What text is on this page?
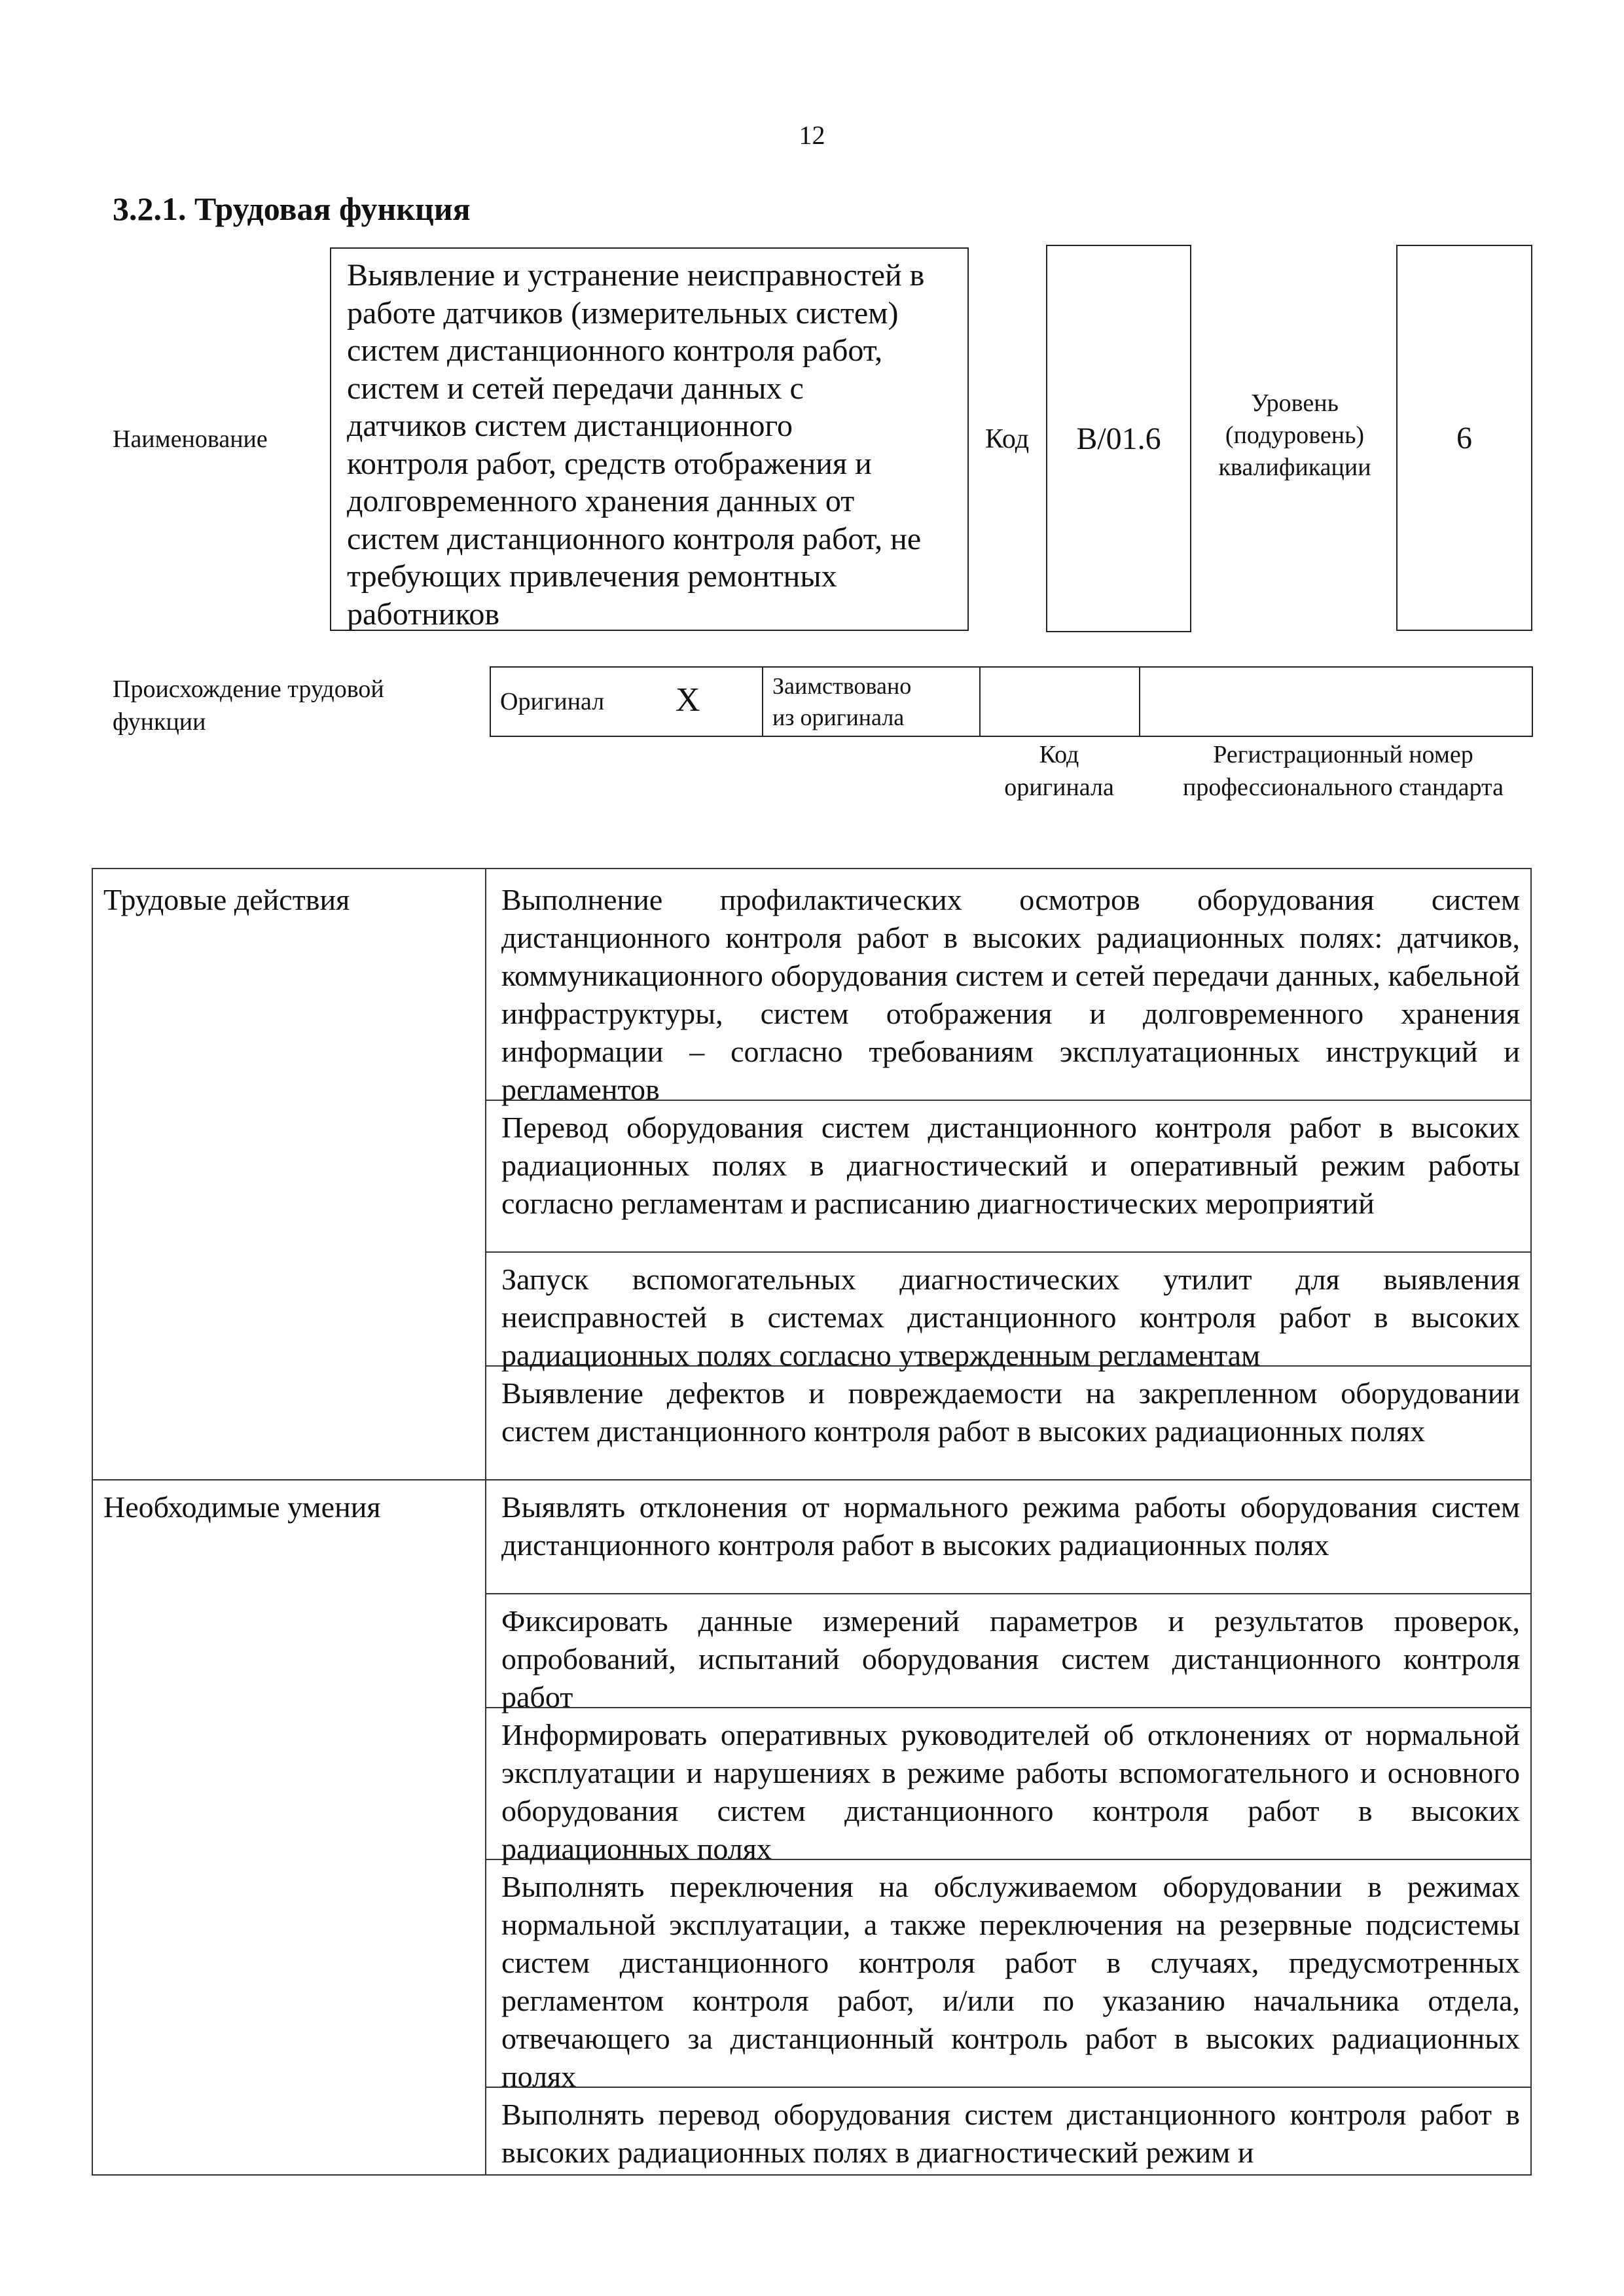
12
3.2.1. Трудовая функция
Наименование
Выявление и устранение неисправностей в
работе датчиков (измерительных систем)
систем дистанционного контроля работ,
систем и сетей передачи данных с
датчиков систем дистанционного
контроля работ, средств отображения и
долговременного хранения данных от
систем дистанционного контроля работ, не
требующих привлечения ремонтных
работников
Код B/01.6
Уровень
(подуровень)
квалификации
6
Происхождение трудовой
функции
Оригинал X	Заимствовано
из оригинала
Код
оригинала
Регистрационный номер
профессионального стандарта
Трудовые действия	Выполнение профилактических осмотров оборудования систем дистанционного контроля работ в высоких радиационных полях: датчиков, коммуникационного оборудования систем и сетей передачи данных, кабельной инфраструктуры, систем отображения и долговременного хранения информации – согласно требованиям эксплуатационных инструкций и регламентов
Перевод оборудования систем дистанционного контроля работ в высоких радиационных полях в диагностический и оперативный режим работы согласно регламентам и расписанию диагностических мероприятий
Запуск вспомогательных диагностических утилит для выявления неисправностей в системах дистанционного контроля работ в высоких радиационных полях согласно утвержденным регламентам
Выявление дефектов и повреждаемости на закрепленном оборудовании систем дистанционного контроля работ в высоких радиационных полях
Необходимые умения	Выявлять отклонения от нормального режима работы оборудования систем дистанционного контроля работ в высоких радиационных полях
Фиксировать данные измерений параметров и результатов проверок, опробований, испытаний оборудования систем дистанционного контроля работ
Информировать оперативных руководителей об отклонениях от нормальной эксплуатации и нарушениях в режиме работы вспомогательного и основного оборудования систем дистанционного контроля работ в высоких радиационных полях
Выполнять переключения на обслуживаемом оборудовании в режимах нормальной эксплуатации, а также переключения на резервные подсистемы систем дистанционного контроля работ в случаях, предусмотренных регламентом контроля работ, и/или по указанию начальника отдела, отвечающего за дистанционный контроль работ в высоких радиационных полях
Выполнять перевод оборудования систем дистанционного контроля работ в высоких радиационных полях в диагностический режим и
